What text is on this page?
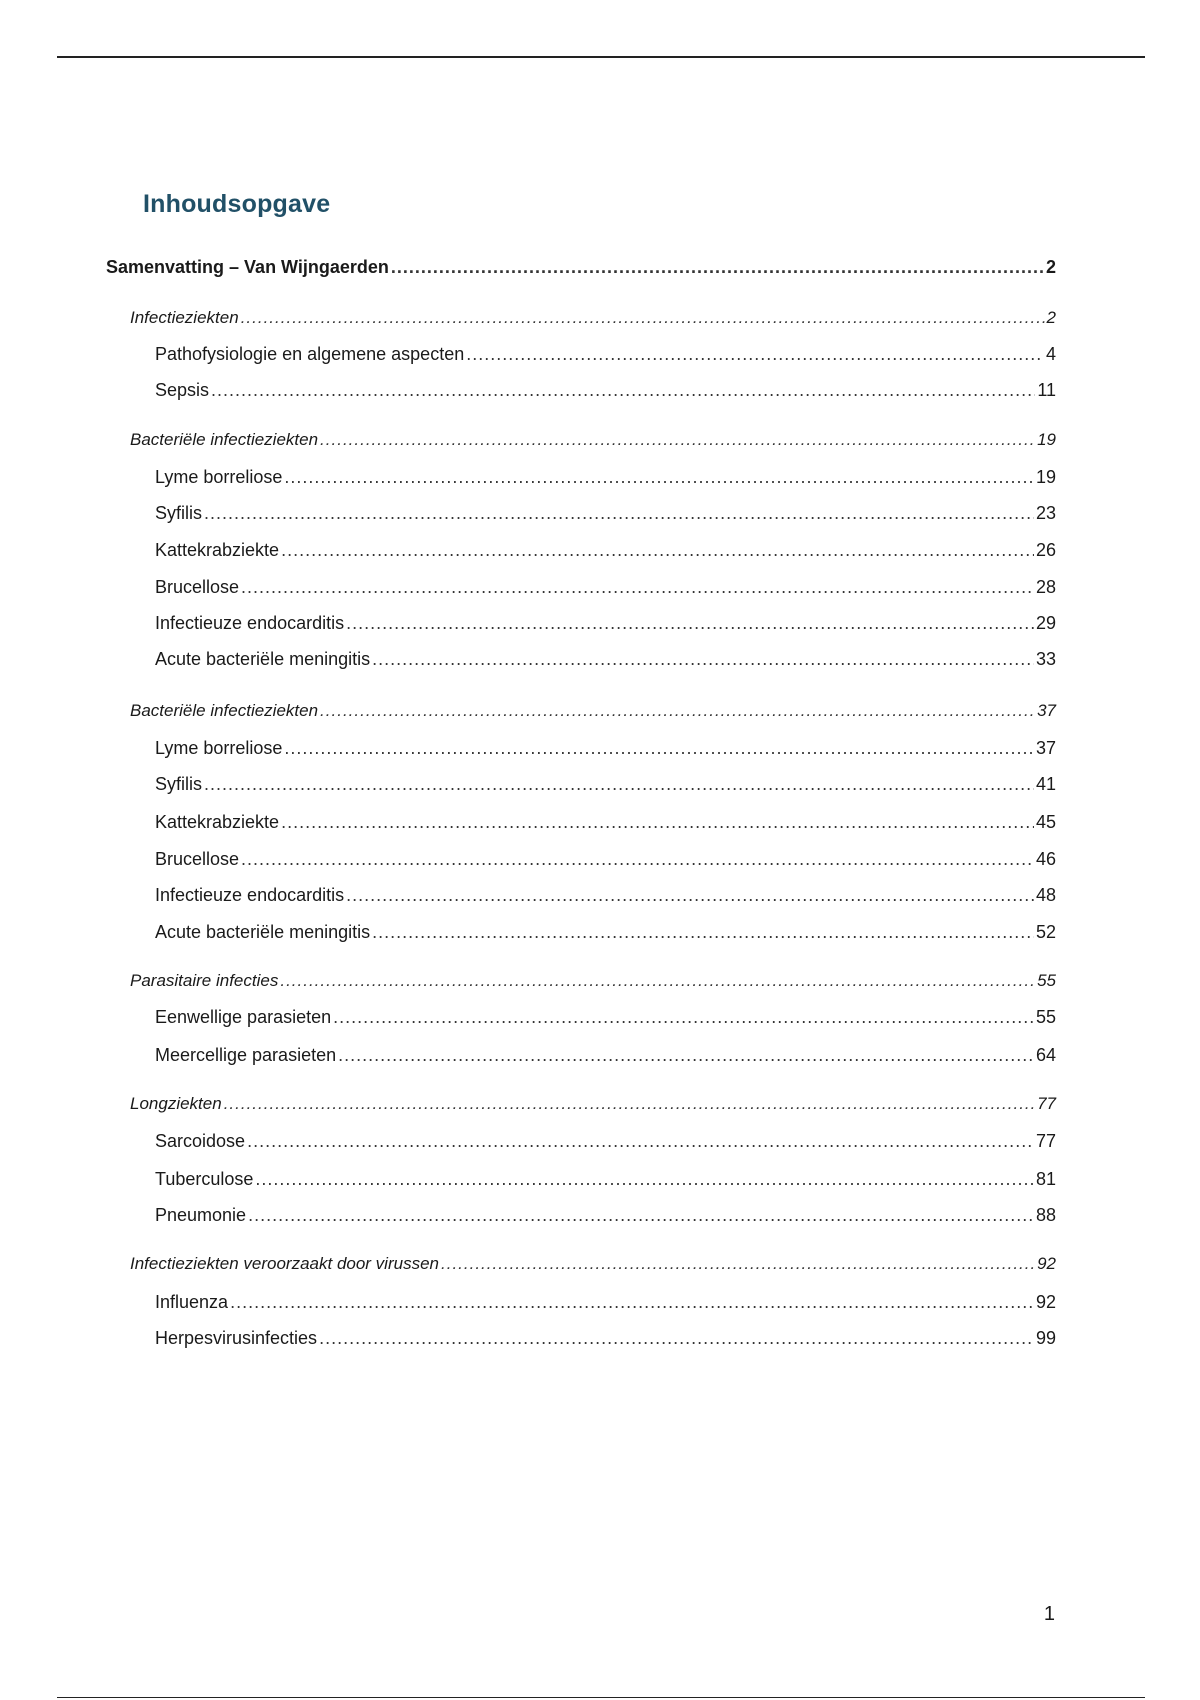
Inhoudsopgave
Samenvatting – Van Wijngaerden .....	2
Infectieziekten .....	2
Pathofysiologie en algemene aspecten .....	4
Sepsis .....	11
Bacteriële infectieziekten .....	19
Lyme borreliose .....	19
Syfilis .....	23
Kattekrabziekte .....	26
Brucellose .....	28
Infectieuze endocarditis .....	29
Acute bacteriële meningitis .....	33
Bacteriële infectieziekten .....	37
Lyme borreliose .....	37
Syfilis .....	41
Kattekrabziekte .....	45
Brucellose .....	46
Infectieuze endocarditis .....	48
Acute bacteriële meningitis .....	52
Parasitaire infecties .....	55
Eenwellige parasieten .....	55
Meercellige parasieten .....	64
Longziekten .....	77
Sarcoidose .....	77
Tuberculose .....	81
Pneumonie .....	88
Infectieziekten veroorzaakt door virussen .....	92
Influenza .....	92
Herpesvirusinfecties .....	99
1
